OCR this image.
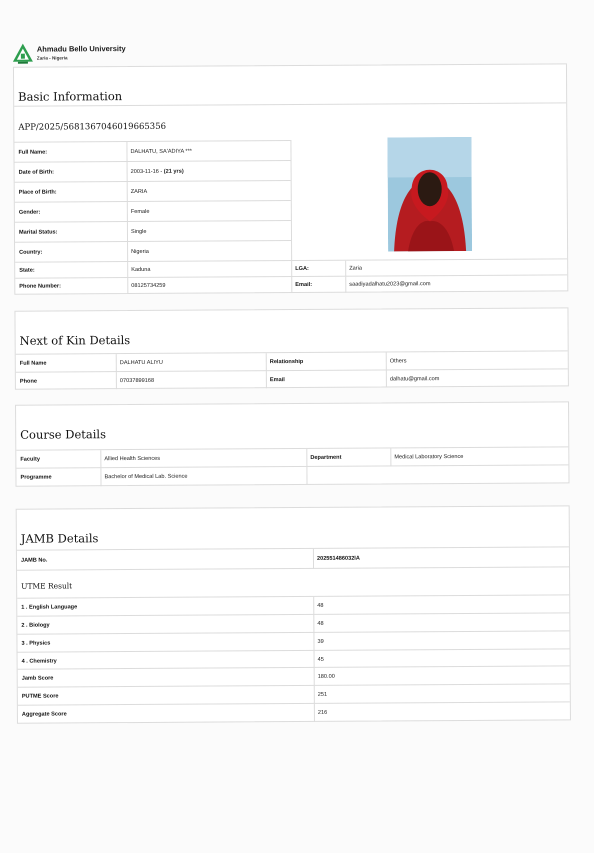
Ahmadu Bello University
Zaria - Nigeria
Basic Information
APP/2025/5681367046019665356
Full Name:	DALHATU, SA'ADIYA ***
Date of Birth:	2003-11-16 -
(21 yrs)
Place of Birth:	ZARIA
Gender:	Female
Marital Status:	Single
Country:	Nigeria
State:	Kaduna	LGA:	Zaria
Phone Number:	08125734259	Email:	saadiyadalhatu2023@gmail.com
Next of Kin Details
Full Name	DALHATU ALIYU	Relationship	Others
Phone	07037899168	Email	dalhatu@gmail.com
Course Details
Faculty	Allied Health Sciences	Department	Medical Laboratory Science
Programme	Bachelor of Medical Lab. Science
JAMB Details
JAMB No.	202551486032IA
UTME Result
1 . English Language	48
2 . Biology	48
3 . Physics	39
4 . Chemistry	45
Jamb Score	180.00
PUTME Score	251
Aggregate Score	216
